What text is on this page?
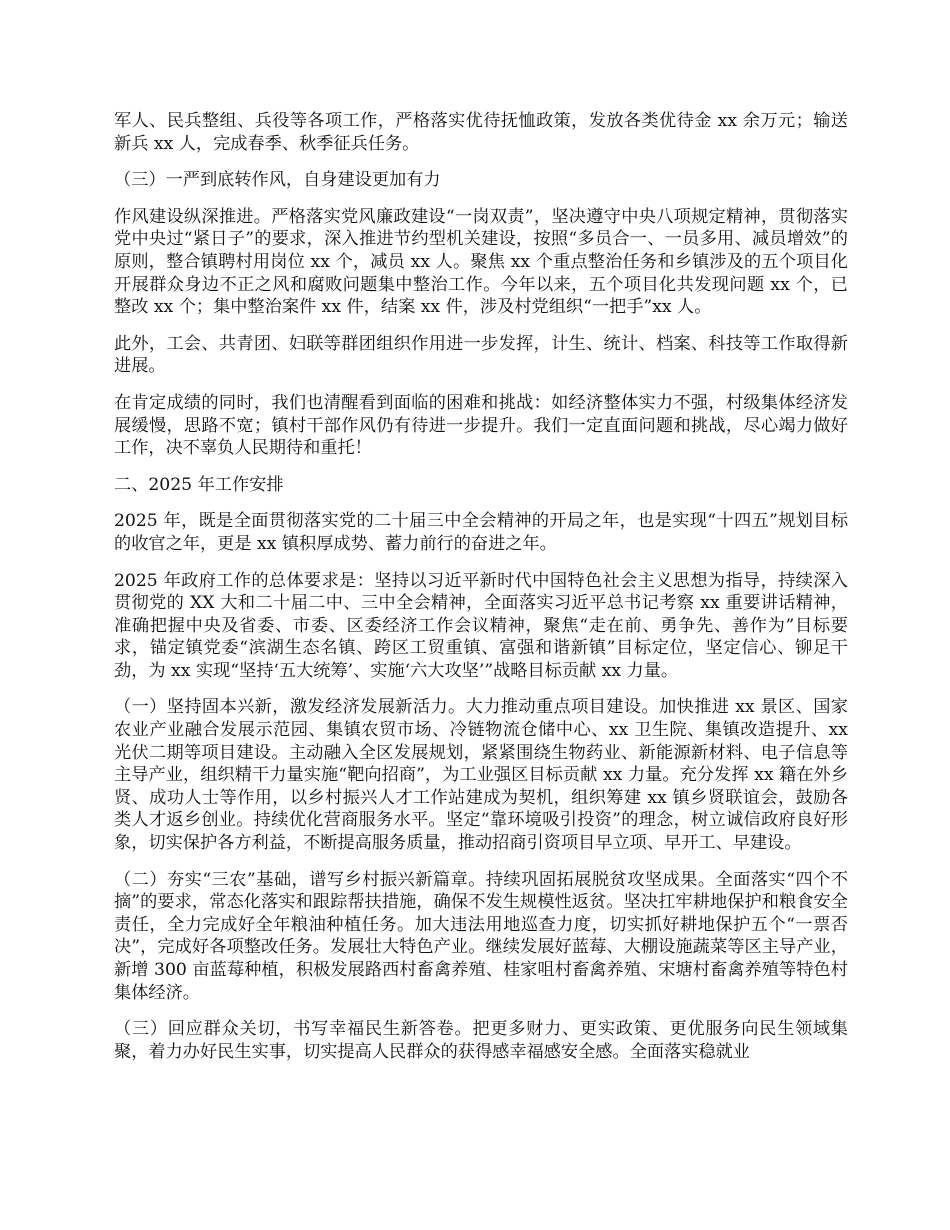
军人、民兵整组、兵役等各项工作，严格落实优待抚恤政策，发放各类优待金 xx 余万元；输送新兵 xx 人，完成春季、秋季征兵任务。

（三）一严到底转作风，自身建设更加有力

作风建设纵深推进。严格落实党风廉政建设“一岗双责”，坚决遵守中央八项规定精神，贯彻落实党中央过“紧日子”的要求，深入推进节约型机关建设，按照“多员合一、一员多用、减员增效”的原则，整合镇聘村用岗位 xx 个，减员 xx 人。聚焦 xx 个重点整治任务和乡镇涉及的五个项目化开展群众身边不正之风和腐败问题集中整治工作。今年以来，五个项目化共发现问题 xx 个，已整改 xx 个；集中整治案件 xx 件，结案 xx 件，涉及村党组织“一把手”xx 人。

此外，工会、共青团、妇联等群团组织作用进一步发挥，计生、统计、档案、科技等工作取得新进展。

在肯定成绩的同时，我们也清醒看到面临的困难和挑战：如经济整体实力不强，村级集体经济发展缓慢，思路不宽；镇村干部作风仍有待进一步提升。我们一定直面问题和挑战，尽心竭力做好工作，决不辜负人民期待和重托！

二、2025 年工作安排

2025 年，既是全面贯彻落实党的二十届三中全会精神的开局之年，也是实现“十四五”规划目标的收官之年，更是 xx 镇积厚成势、蓄力前行的奋进之年。

2025 年政府工作的总体要求是：坚持以习近平新时代中国特色社会主义思想为指导，持续深入贯彻党的 XX 大和二十届二中、三中全会精神，全面落实习近平总书记考察 xx 重要讲话精神，准确把握中央及省委、市委、区委经济工作会议精神，聚焦“走在前、勇争先、善作为”目标要求，锚定镇党委“滨湖生态名镇、跨区工贸重镇、富强和谐新镇”目标定位，坚定信心、铆足干劲，为 xx 实现“坚持‘五大统筹’、实施‘六大攻坚’”战略目标贡献 xx 力量。

（一）坚持固本兴新，激发经济发展新活力。大力推动重点项目建设。加快推进 xx 景区、国家农业产业融合发展示范园、集镇农贸市场、冷链物流仓储中心、xx 卫生院、集镇改造提升、xx 光伏二期等项目建设。主动融入全区发展规划，紧紧围绕生物药业、新能源新材料、电子信息等主导产业，组织精干力量实施“靶向招商”，为工业强区目标贡献 xx 力量。充分发挥 xx 籍在外乡贤、成功人士等作用，以乡村振兴人才工作站建成为契机，组织筹建 xx 镇乡贤联谊会，鼓励各类人才返乡创业。持续优化营商服务水平。坚定“靠环境吸引投资”的理念，树立诚信政府良好形象，切实保护各方利益，不断提高服务质量，推动招商引资项目早立项、早开工、早建设。

（二）夯实“三农”基础，谱写乡村振兴新篇章。持续巩固拓展脱贫攻坚成果。全面落实“四个不摘”的要求，常态化落实和跟踪帮扶措施，确保不发生规模性返贫。坚决扛牢耕地保护和粮食安全责任，全力完成好全年粮油种植任务。加大违法用地巡查力度，切实抓好耕地保护五个“一票否决”，完成好各项整改任务。发展壮大特色产业。继续发展好蓝莓、大棚设施蔬菜等区主导产业，新增 300 亩蓝莓种植，积极发展路西村畜禽养殖、桂家咀村畜禽养殖、宋塘村畜禽养殖等特色村集体经济。

（三）回应群众关切，书写幸福民生新答卷。把更多财力、更实政策、更优服务向民生领域集聚，着力办好民生实事，切实提高人民群众的获得感幸福感安全感。全面落实稳就业
